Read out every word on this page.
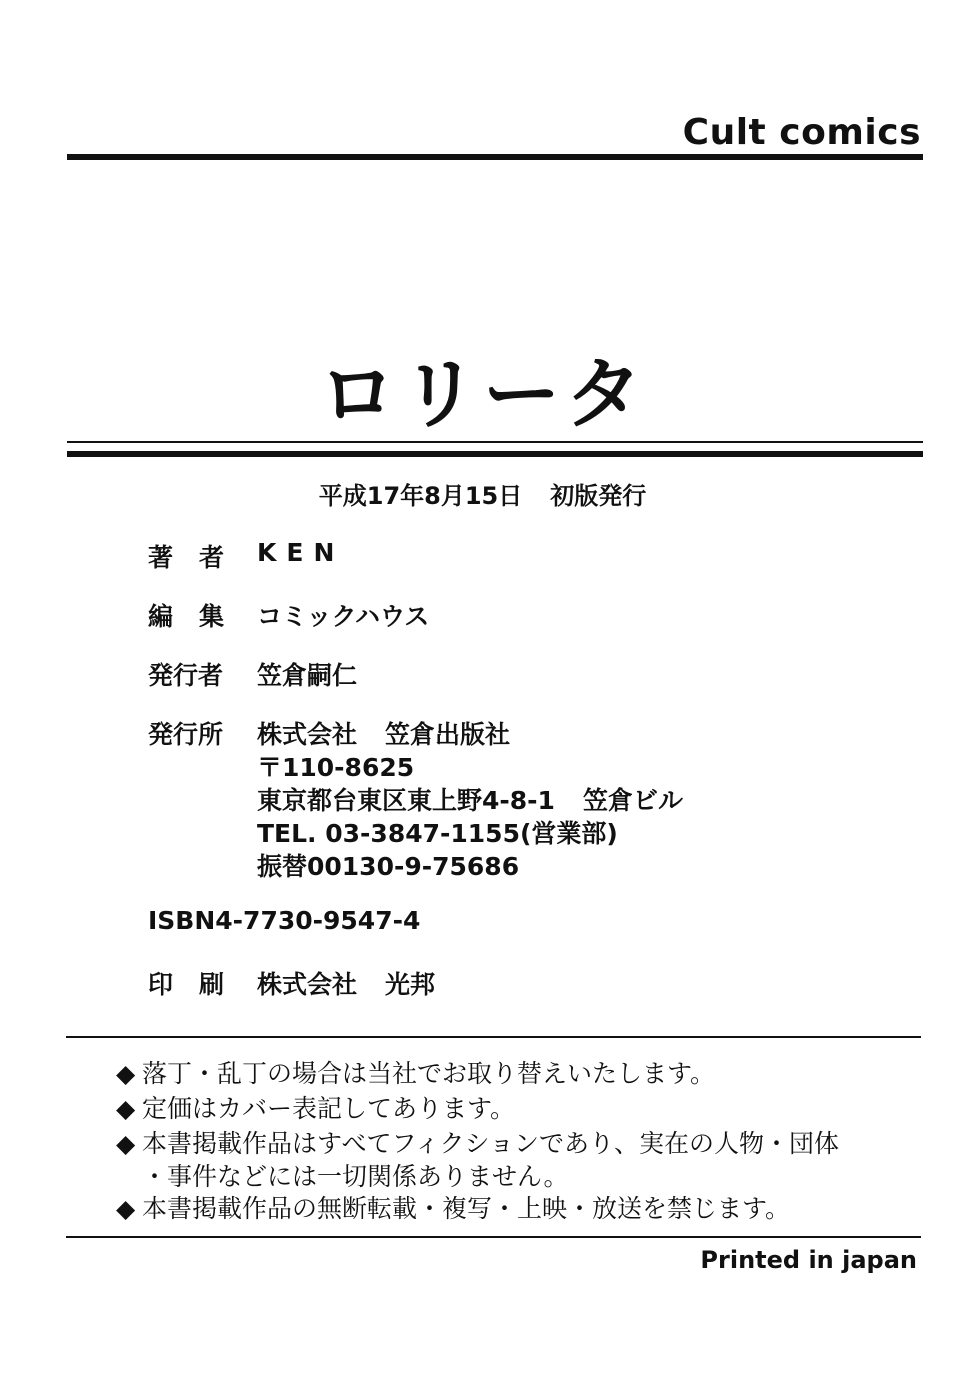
Cult comics
ロリータ
平成17年8月15日 初版発行
著者 KEN
編集 コミックハウス
発行者 笠倉嗣仁
発行所 株式会社 笠倉出版社
〒110-8625
東京都台東区東上野4-8-1 笠倉ビル
TEL. 03-3847-1155(営業部)
振替00130-9-75686
ISBN4-7730-9547-4
印刷 株式会社 光邦
◆ 落丁・乱丁の場合は当社でお取り替えいたします。
◆ 定価はカバー表記してあります。
◆ 本書掲載作品はすべてフィクションであり、実在の人物・団体
・事件などには一切関係ありません。
◆ 本書掲載作品の無断転載・複写・上映・放送を禁じます。
Printed in japan
